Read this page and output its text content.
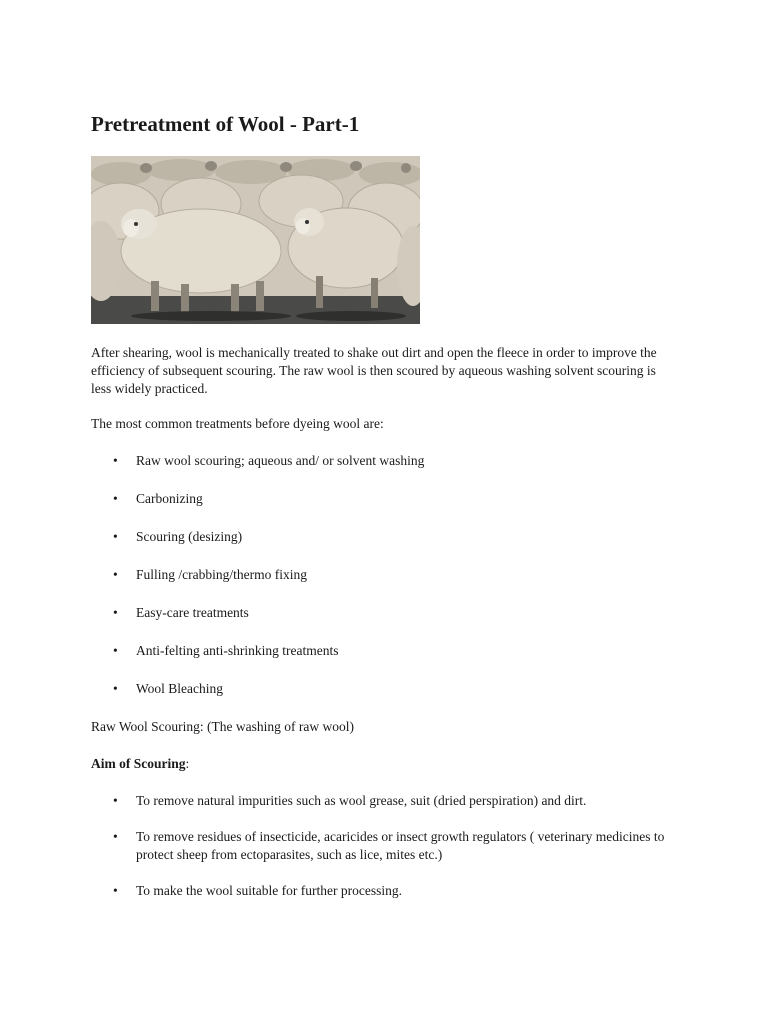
Pretreatment of Wool - Part-1

After shearing, wool is mechanically treated to shake out dirt and open the fleece in order to improve the efficiency of subsequent scouring. The raw wool is then scoured by aqueous washing solvent scouring is less widely practiced.

The most common treatments before dyeing wool are:

• Raw wool scouring; aqueous and/ or solvent washing
• Carbonizing
• Scouring (desizing)
• Fulling /crabbing/thermo fixing
• Easy-care treatments
• Anti-felting anti-shrinking treatments
• Wool Bleaching

Raw Wool Scouring: (The washing of raw wool)

Aim of Scouring:

• To remove natural impurities such as wool grease, suit (dried perspiration) and dirt.
• To remove residues of insecticide, acaricides or insect growth regulators ( veterinary medicines to protect sheep from ectoparasites, such as lice, mites etc.)
• To make the wool suitable for further processing.
